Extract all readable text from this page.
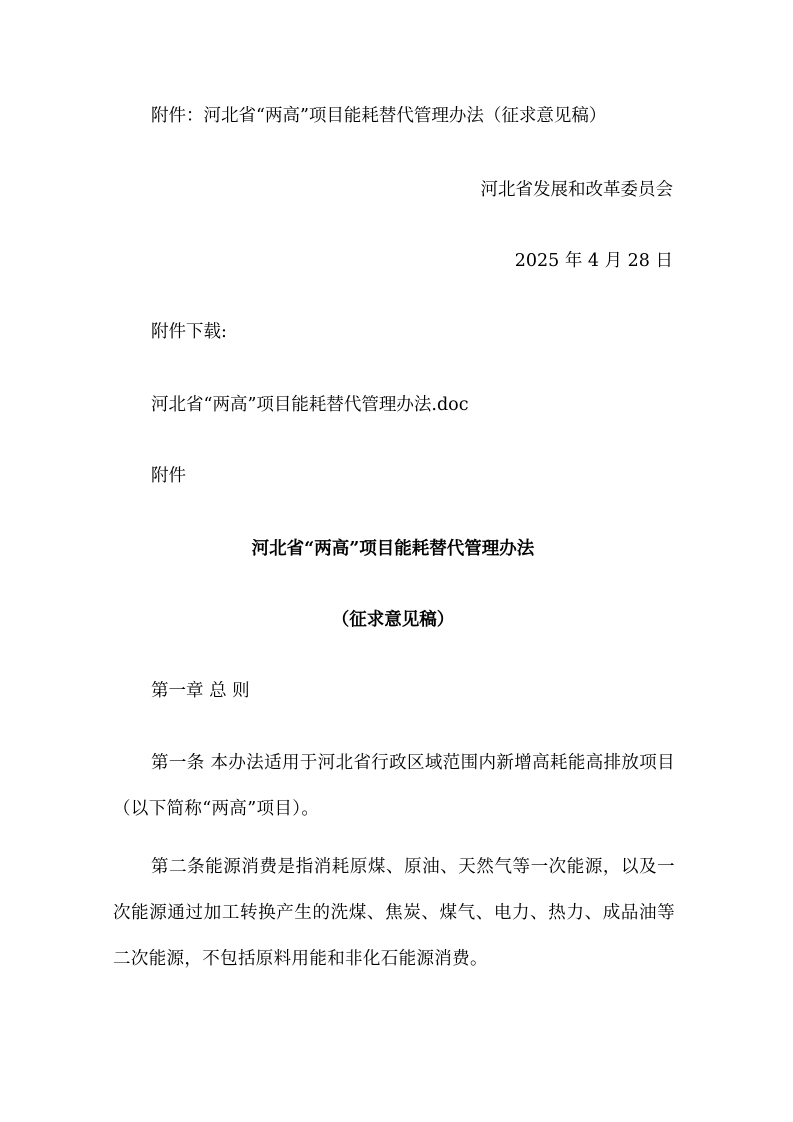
附件：河北省“两高”项目能耗替代管理办法（征求意见稿）
河北省发展和改革委员会
2025 年 4 月 28 日
附件下载:
河北省“两高”项目能耗替代管理办法.doc
附件
河北省“两高”项目能耗替代管理办法
（征求意见稿）
第一章 总 则
第一条 本办法适用于河北省行政区域范围内新增高耗能高排放项目（以下简称“两高”项目）。
第二条能源消费是指消耗原煤、原油、天然气等一次能源，以及一次能源通过加工转换产生的洗煤、焦炭、煤气、电力、热力、成品油等二次能源，不包括原料用能和非化石能源消费。
